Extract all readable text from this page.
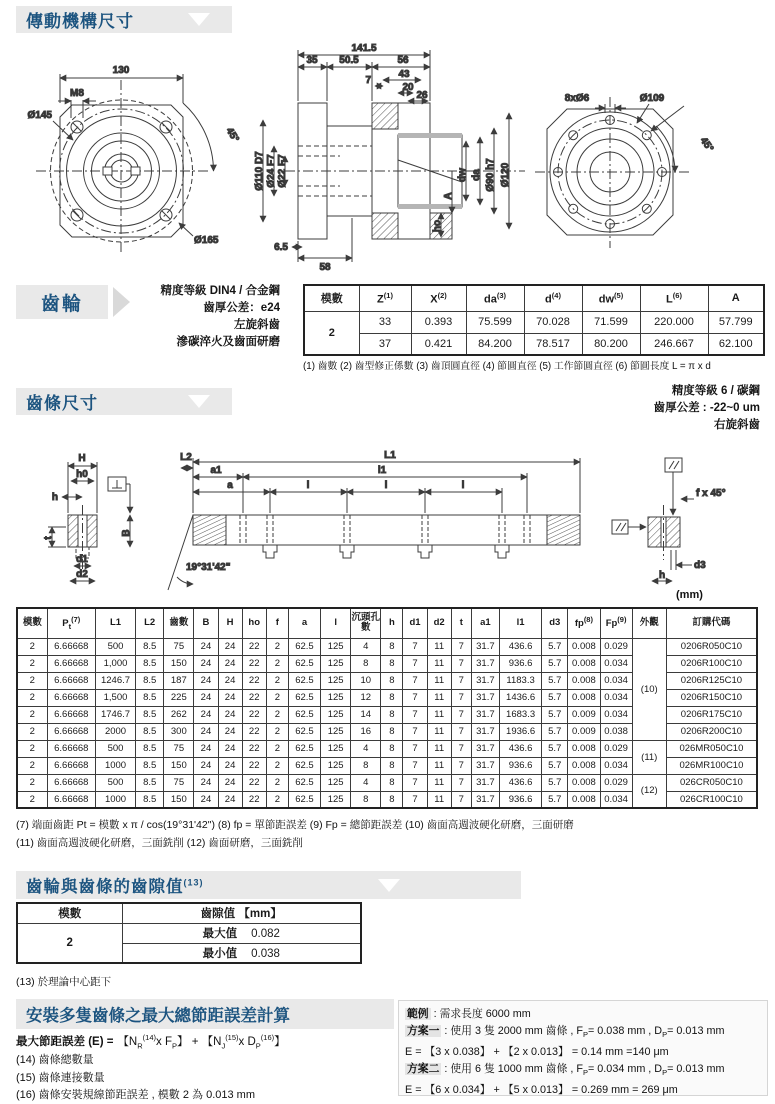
傳動機構尺寸
130
M8
Ø145
45°
Ø165
141.5
35 50.5	56
7
43
20
26
Ø110 D7 Ø24 F7 Ø22 F7
A
dw da Ø90 h7 Ø120
ho
6.5
58
8xØ6	Ø109
45°
齒輪
精度等級 DIN4 / 合金鋼
齒厚公差：e24
左旋斜齒
滲碳淬火及齒面研磨
模數	$Z^{(1)}$	$X^{(2)}$	$da^{(3)}$	$d^{(4)}$	$dw^{(5)}$	$L^{(6)}$	A
2	33	0.393	75.599	70.028	71.599	220.000	57.799
	37	0.421	84.200	78.517	80.200	246.667	62.100
(1) 齒數 (2) 齒型修正係數 (3) 齒頂圓直徑 (4) 節圓直徑 (5) 工作節圓直徑 (6) 節圓長度 L = π x d
齒條尺寸
精度等級 6 / 碳鋼
齒厚公差 : -22~0 um
右旋斜齒
H
h0
h
B
t
d1
d2
L1
L2
a1	l1
a	l	l	l
19°31'42"
f x 45°
d3
h
(mm)
模數	$P_t^{(7)}$	L1	L2	齒數	B	H	ho	f	a	l	沉頭孔數	h	d1	d2	t	a1	l1	d3	$fp^{(8)}$	Fp$^{(9)}$	外觀	訂購代碼
2	6.66668	500	8.5	75	24	24	22	2	62.5	125	4	8	7	11	7	31.7	436.6	5.7	0.008	0.029	(10)	0206R050C10
2	6.66668	1,000	8.5	150	24	24	22	2	62.5	125	8	8	7	11	7	31.7	936.6	5.7	0.008	0.034		0206R100C10
2	6.66668	1246.7	8.5	187	24	24	22	2	62.5	125	10	8	7	11	7	31.7	1183.3	5.7	0.008	0.034		0206R125C10
2	6.66668	1,500	8.5	225	24	24	22	2	62.5	125	12	8	7	11	7	31.7	1436.6	5.7	0.008	0.034		0206R150C10
2	6.66668	1746.7	8.5	262	24	24	22	2	62.5	125	14	8	7	11	7	31.7	1683.3	5.7	0.009	0.034		0206R175C10
2	6.66668	2000	8.5	300	24	24	22	2	62.5	125	16	8	7	11	7	31.7	1936.6	5.7	0.009	0.038		0206R200C10
2	6.66668	500	8.5	75	24	24	22	2	62.5	125	4	8	7	11	7	31.7	436.6	5.7	0.008	0.029	(11)	026MR050C10
2	6.66668	1000	8.5	150	24	24	22	2	62.5	125	8	8	7	11	7	31.7	936.6	5.7	0.008	0.034		026MR100C10
2	6.66668	500	8.5	75	24	24	22	2	62.5	125	4	8	7	11	7	31.7	436.6	5.7	0.008	0.029	(12)	026CR050C10
2	6.66668	1000	8.5	150	24	24	22	2	62.5	125	8	8	7	11	7	31.7	936.6	5.7	0.008	0.034		026CR100C10
(7) 端面齒距 Pt = 模數 x π / cos(19°31'42") (8) fp = 單節距誤差 (9) Fp = 總節距誤差 (10) 齒面高週波硬化研磨，三面研磨
(11) 齒面高週波硬化研磨，三面銑削 (12) 齒面研磨，三面銑削
齒輪與齒條的齒隙值$^{(13)}$
模數	齒隙值 【mm】
2	最大值 0.082
	最小值 0.038
(13) 於理論中心距下
安裝多隻齒條之最大總節距誤差計算
最大節距誤差 (E) = 【$N_R^{(14)}x$ $F_P$】 + 【$N_J^{(15)}x$ $D_P^{(16)}$】
(14) 齒條總數量
(15) 齒條連接數量
(16) 齒條安裝規線節距誤差 , 模數 2 為 0.013 mm
範例 : 需求長度 6000 mm
方案一 : 使用 3 隻 2000 mm 齒條 , $F_P= 0.038$ mm , $D_P= 0.013$ mm
E = 【3 x 0.038】 + 【2 x 0.013】 = 0.14 mm =140 μm
方案二 : 使用 6 隻 1000 mm 齒條 , $F_P= 0.034$ mm , $D_P= 0.013$ mm
E = 【6 x 0.034】 + 【5 x 0.013】 = 0.269 mm = 269 μm
